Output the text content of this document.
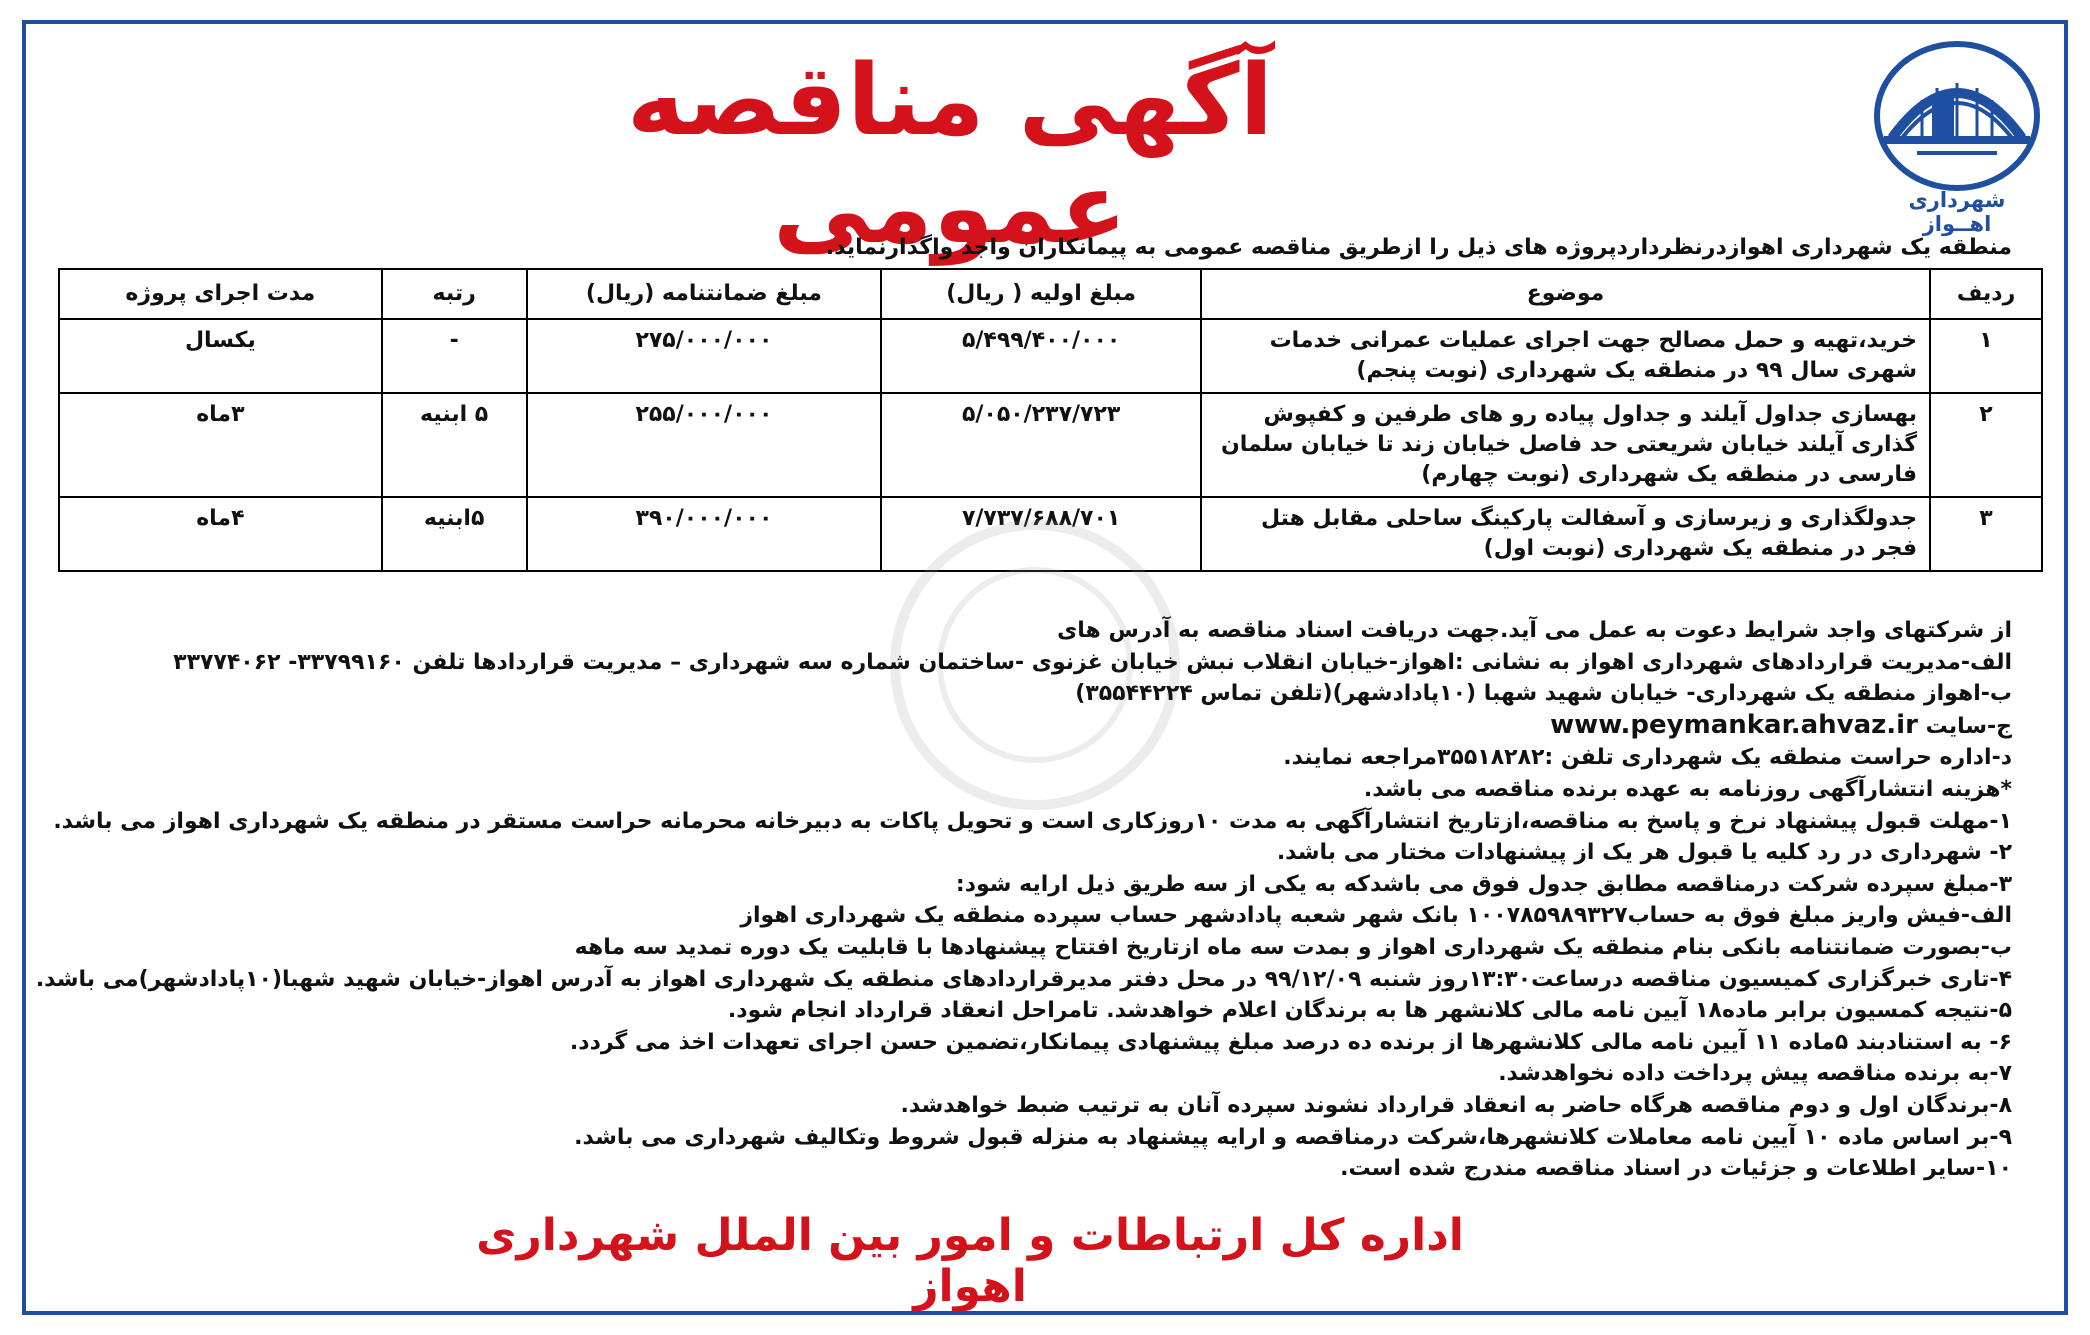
شهرداری اهــواز
آگهی مناقصه عمومی
منطقه یک شهرداری اهوازدرنظرداردپروژه های ذیل را ازطریق مناقصه عمومی به پیمانکاران واجد واگذارنماید.
ردیف	موضوع	مبلغ اولیه ( ریال)	مبلغ ضمانتنامه (ریال)	رتبه	مدت اجرای پروژه
۱	خرید،تهیه و حمل مصالح جهت اجرای عملیات عمرانی خدمات شهری سال ۹۹ در منطقه یک شهرداری (نوبت پنجم)	۵/۴۹۹/۴۰۰/۰۰۰	۲۷۵/۰۰۰/۰۰۰	-	یکسال
۲	بهسازی جداول آیلند و جداول پیاده رو های طرفین و کفپوش گذاری آیلند خیابان شریعتی حد فاصل خیابان زند تا خیابان سلمان فارسی در منطقه یک شهرداری (نوبت چهارم)	۵/۰۵۰/۲۳۷/۷۲۳	۲۵۵/۰۰۰/۰۰۰	۵ ابنیه	۳ماه
۳	جدولگذاری و زیرسازی و آسفالت پارکینگ ساحلی مقابل هتل فجر در منطقه یک شهرداری (نوبت اول)	۷/۷۳۷/۶۸۸/۷۰۱	۳۹۰/۰۰۰/۰۰۰	۵ابنیه	۴ماه
از شرکتهای واجد شرایط دعوت به عمل می آید.جهت دریافت اسناد مناقصه به آدرس های
الف-مدیریت قراردادهای شهرداری اهواز به نشانی :اهواز-خیابان انقلاب نبش خیابان غزنوی -ساختمان شماره سه شهرداری – مدیریت قراردادها تلفن ۳۳۷۹۹۱۶۰- ۳۳۷۷۴۰۶۲
ب-اهواز منطقه یک شهرداری- خیابان شهید شهبا (۱۰پادادشهر)(تلفن تماس ۳۵۵۴۴۲۲۴)
ج-سایت www.peymankar.ahvaz.ir
د-اداره حراست منطقه یک شهرداری تلفن :۳۵۵۱۸۲۸۲مراجعه نمایند.
*هزینه انتشارآگهی روزنامه به عهده برنده مناقصه می باشد.
۱-مهلت قبول پیشنهاد نرخ و پاسخ به مناقصه،ازتاریخ انتشارآگهی به مدت ۱۰روزکاری است و تحویل پاکات به دبیرخانه محرمانه حراست مستقر در منطقه یک شهرداری اهواز می باشد.
۲- شهرداری در رد کلیه یا قبول هر یک از پیشنهادات مختار می باشد.
۳-مبلغ سپرده شرکت درمناقصه مطابق جدول فوق می باشدکه به یکی از سه طریق ذیل ارایه شود:
الف-فیش واریز مبلغ فوق به حساب۱۰۰۷۸۵۹۸۹۳۲۷ بانک شهر شعبه پادادشهر حساب سپرده منطقه یک شهرداری اهواز
ب-بصورت ضمانتنامه بانکی بنام منطقه یک شهرداری اهواز و بمدت سه ماه ازتاریخ افتتاح پیشنهادها با قابلیت یک دوره تمدید سه ماهه
۴-تاری خبرگزاری کمیسیون مناقصه درساعت۱۳:۳۰روز شنبه ۹۹/۱۲/۰۹ در محل دفتر مدیرقراردادهای منطقه یک شهرداری اهواز به آدرس اهواز-خیابان شهید شهبا(۱۰پادادشهر)می باشد.
۵-نتیجه کمسیون برابر ماده۱۸ آیین نامه مالی کلانشهر ها به برندگان اعلام خواهدشد. تامراحل انعقاد قرارداد انجام شود.
۶- به استنادبند ۵ماده ۱۱ آیین نامه مالی کلانشهرها از برنده ده درصد مبلغ پیشنهادی پیمانکار،تضمین حسن اجرای تعهدات اخذ می گردد.
۷-به برنده مناقصه پیش پرداخت داده نخواهدشد.
۸-برندگان اول و دوم مناقصه هرگاه حاضر به انعقاد قرارداد نشوند سپرده آنان به ترتیب ضبط خواهدشد.
۹-بر اساس ماده ۱۰ آیین نامه معاملات کلانشهرها،شرکت درمناقصه و ارایه پیشنهاد به منزله قبول شروط وتکالیف شهرداری می باشد.
۱۰-سایر اطلاعات و جزئیات در اسناد مناقصه مندرج شده است.
اداره کل ارتباطات و امور بین الملل شهرداری اهواز
